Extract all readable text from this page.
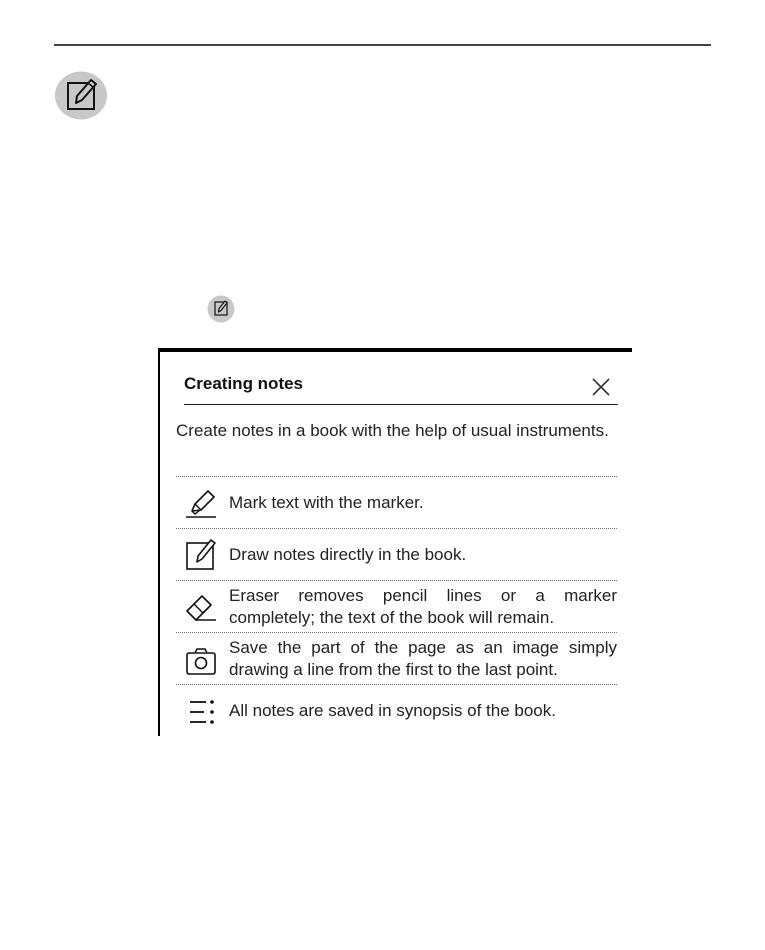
Creating notes
Create notes in a book with the help of usual instruments.
Mark text with the marker.
Draw notes directly in the book.
Eraser removes pencil lines or a marker completely; the text of the book will remain.
Save the part of the page as an image simply drawing a line from the first to the last point.
All notes are saved in synopsis of the book.
